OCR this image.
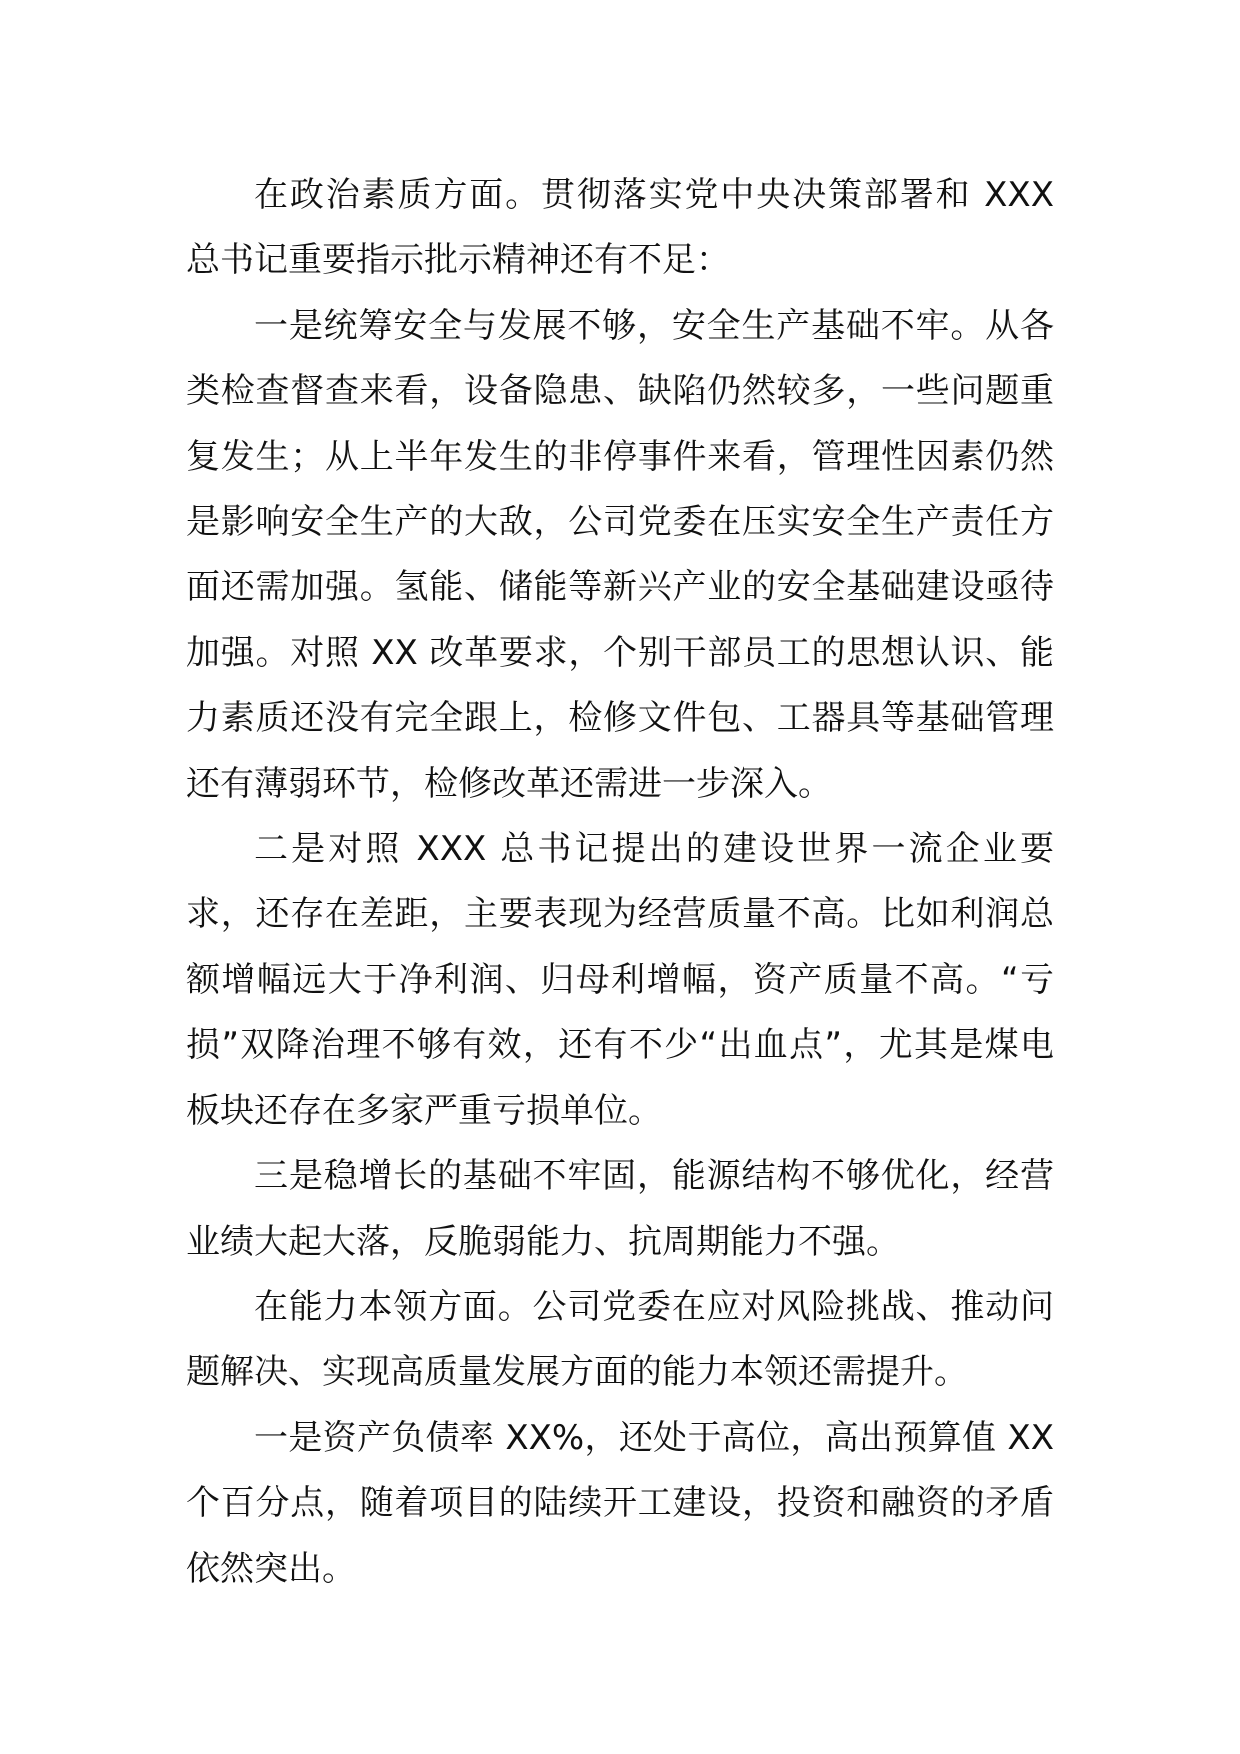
在政治素质方面。贯彻落实党中央决策部署和 XXX 总书记重要指示批示精神还有不足：

一是统筹安全与发展不够，安全生产基础不牢。从各类检查督查来看，设备隐患、缺陷仍然较多，一些问题重复发生；从上半年发生的非停事件来看，管理性因素仍然是影响安全生产的大敌，公司党委在压实安全生产责任方面还需加强。氢能、储能等新兴产业的安全基础建设亟待加强。对照 XX 改革要求，个别干部员工的思想认识、能力素质还没有完全跟上，检修文件包、工器具等基础管理还有薄弱环节，检修改革还需进一步深入。

二是对照 XXX 总书记提出的建设世界一流企业要求，还存在差距，主要表现为经营质量不高。比如利润总额增幅远大于净利润、归母利增幅，资产质量不高。“亏损”双降治理不够有效，还有不少“出血点”，尤其是煤电板块还存在多家严重亏损单位。

三是稳增长的基础不牢固，能源结构不够优化，经营业绩大起大落，反脆弱能力、抗周期能力不强。

在能力本领方面。公司党委在应对风险挑战、推动问题解决、实现高质量发展方面的能力本领还需提升。

一是资产负债率 XX%，还处于高位，高出预算值 XX 个百分点，随着项目的陆续开工建设，投资和融资的矛盾依然突出。
